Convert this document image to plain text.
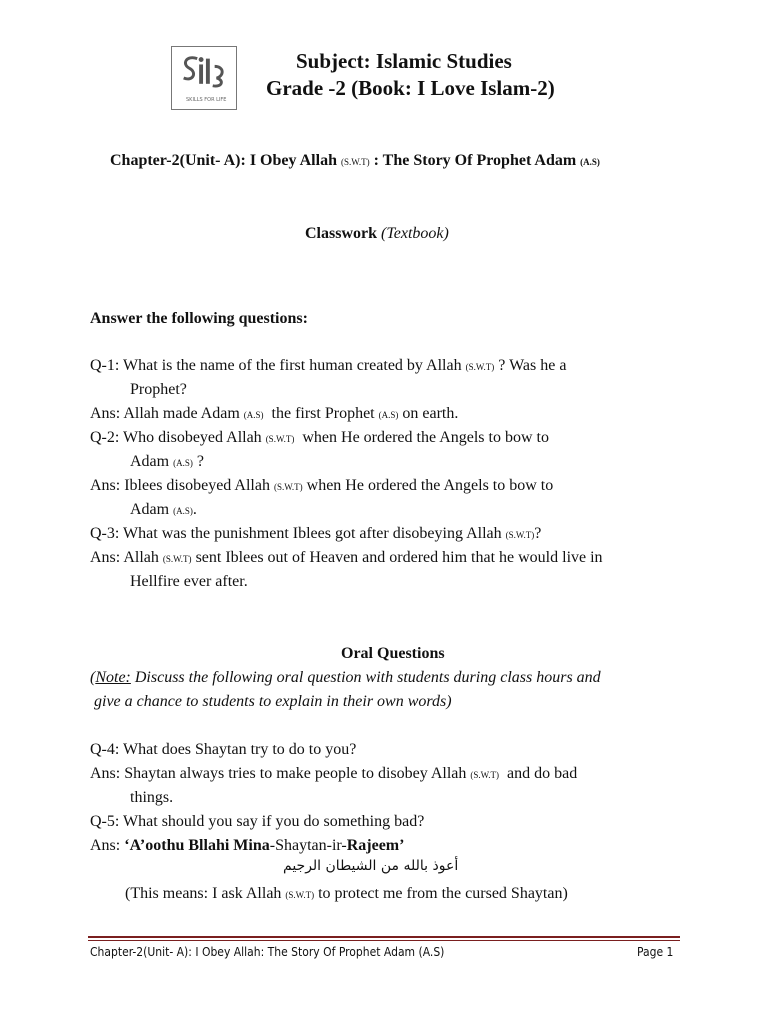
SKILLS FOR LIFE
Subject: Islamic Studies
Grade -2 (Book: I Love Islam-2)
Chapter-2(Unit- A): I Obey Allah (S.W.T) : The Story Of Prophet Adam (A.S)
Classwork (Textbook)
Answer the following questions:
Q-1: What is the name of the first human created by Allah (S.W.T) ? Was he a
Prophet?
Ans: Allah made Adam (A.S) the first Prophet (A.S) on earth.
Q-2: Who disobeyed Allah (S.W.T) when He ordered the Angels to bow to
Adam (A.S) ?
Ans: Iblees disobeyed Allah (S.W.T) when He ordered the Angels to bow to
Adam (A.S).
Q-3: What was the punishment Iblees got after disobeying Allah (S.W.T)?
Ans: Allah (S.W.T) sent Iblees out of Heaven and ordered him that he would live in
Hellfire ever after.
Oral Questions
(Note: Discuss the following oral question with students during class hours and
give a chance to students to explain in their own words)
Q-4: What does Shaytan try to do to you?
Ans: Shaytan always tries to make people to disobey Allah (S.W.T) and do bad
things.
Q-5: What should you say if you do something bad?
Ans: ‘A’oothu Bllahi Mina-Shaytan-ir-Rajeem’
أعوذ بالله من الشيطان الرجيم
(This means: I ask Allah (S.W.T) to protect me from the cursed Shaytan)
Chapter-2(Unit- A): I Obey Allah: The Story Of Prophet Adam (A.S)	Page 1
